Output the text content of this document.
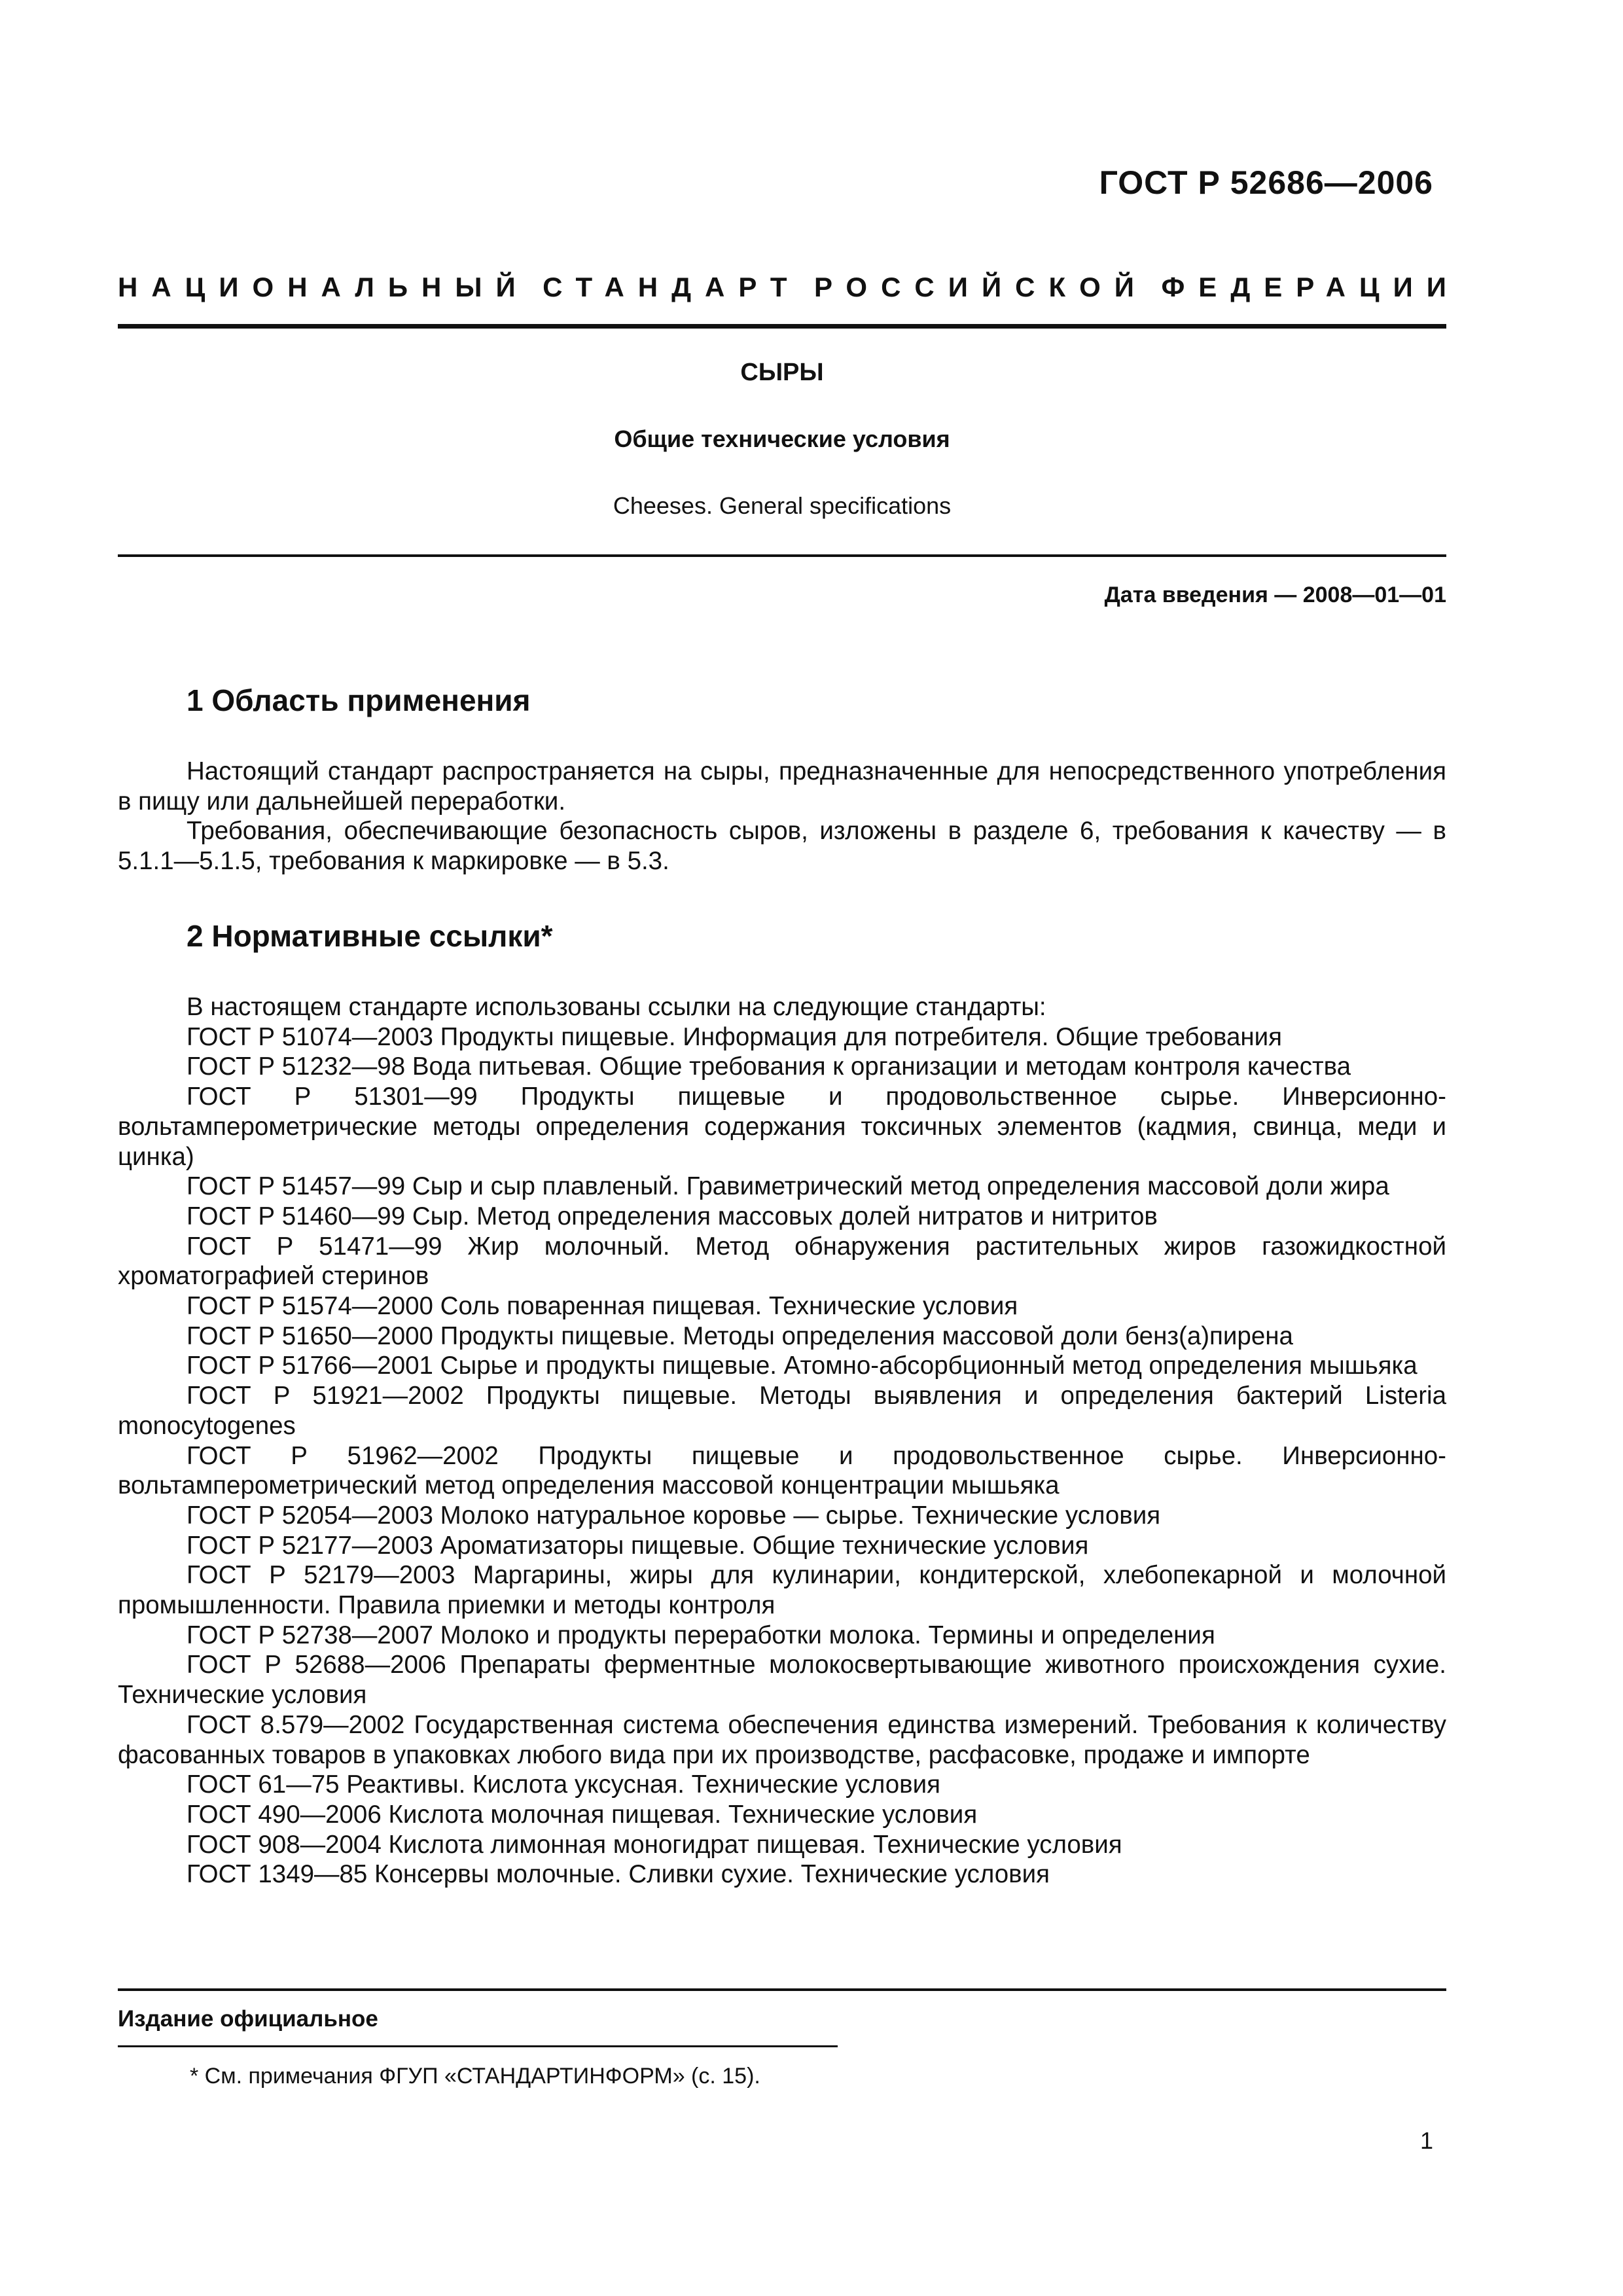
ГОСТ Р 52686—2006
НАЦИОНАЛЬНЫЙ СТАНДАРТ РОССИЙСКОЙ ФЕДЕРАЦИИ
СЫРЫ
Общие технические условия
Cheeses. General specifications
Дата введения — 2008—01—01
1 Область применения

Настоящий стандарт распространяется на сыры, предназначенные для непосредственного употребления в пищу или дальнейшей переработки.

Требования, обеспечивающие безопасность сыров, изложены в разделе 6, требования к качеству — в 5.1.1—5.1.5, требования к маркировке — в 5.3.

2 Нормативные ссылки*

В настоящем стандарте использованы ссылки на следующие стандарты:

ГОСТ Р 51074—2003 Продукты пищевые. Информация для потребителя. Общие требования

ГОСТ Р 51232—98 Вода питьевая. Общие требования к организации и методам контроля качества

ГОСТ Р 51301—99 Продукты пищевые и продовольственное сырье. Инверсионно-вольтамперометрические методы определения содержания токсичных элементов (кадмия, свинца, меди и цинка)

ГОСТ Р 51457—99 Сыр и сыр плавленый. Гравиметрический метод определения массовой доли жира

ГОСТ Р 51460—99 Сыр. Метод определения массовых долей нитратов и нитритов

ГОСТ Р 51471—99 Жир молочный. Метод обнаружения растительных жиров газожидкостной хроматографией стеринов

ГОСТ Р 51574—2000 Соль поваренная пищевая. Технические условия

ГОСТ Р 51650—2000 Продукты пищевые. Методы определения массовой доли бенз(а)пирена

ГОСТ Р 51766—2001 Сырье и продукты пищевые. Атомно-абсорбционный метод определения мышьяка

ГОСТ Р 51921—2002 Продукты пищевые. Методы выявления и определения бактерий Listeria monocytogenes

ГОСТ Р 51962—2002 Продукты пищевые и продовольственное сырье. Инверсионно-вольтамперометрический метод определения массовой концентрации мышьяка

ГОСТ Р 52054—2003 Молоко натуральное коровье — сырье. Технические условия

ГОСТ Р 52177—2003 Ароматизаторы пищевые. Общие технические условия

ГОСТ Р 52179—2003 Маргарины, жиры для кулинарии, кондитерской, хлебопекарной и молочной промышленности. Правила приемки и методы контроля

ГОСТ Р 52738—2007 Молоко и продукты переработки молока. Термины и определения

ГОСТ Р 52688—2006 Препараты ферментные молокосвертывающие животного происхождения сухие. Технические условия

ГОСТ 8.579—2002 Государственная система обеспечения единства измерений. Требования к количеству фасованных товаров в упаковках любого вида при их производстве, расфасовке, продаже и импорте

ГОСТ 61—75 Реактивы. Кислота уксусная. Технические условия

ГОСТ 490—2006 Кислота молочная пищевая. Технические условия

ГОСТ 908—2004 Кислота лимонная моногидрат пищевая. Технические условия

ГОСТ 1349—85 Консервы молочные. Сливки сухие. Технические условия

Издание официальное
* См. примечания ФГУП «СТАНДАРТИНФОРМ» (с. 15).
1
